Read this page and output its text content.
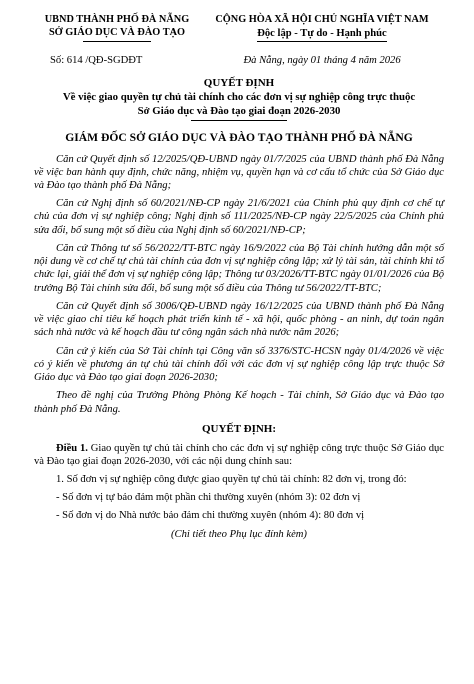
UBND THÀNH PHỐ ĐÀ NẴNG
SỞ GIÁO DỤC VÀ ĐÀO TẠO
CỘNG HÒA XÃ HỘI CHỦ NGHĨA VIỆT NAM
Độc lập - Tự do - Hạnh phúc
Số: 614 /QĐ-SGDĐT	Đà Nẵng, ngày 01 tháng 4 năm 2026
QUYẾT ĐỊNH
Về việc giao quyền tự chủ tài chính cho các đơn vị sự nghiệp công trực thuộc
Sở Giáo dục và Đào tạo giai đoạn 2026-2030
GIÁM ĐỐC SỞ GIÁO DỤC VÀ ĐÀO TẠO THÀNH PHỐ ĐÀ NẴNG

Căn cứ Quyết định số 12/2025/QĐ-UBND ngày 01/7/2025 của UBND thành phố Đà Nẵng về việc ban hành quy định, chức năng, nhiệm vụ, quyền hạn và cơ cấu tổ chức của Sở Giáo dục và Đào tạo thành phố Đà Nẵng;

Căn cứ Nghị định số 60/2021/NĐ-CP ngày 21/6/2021 của Chính phủ quy định cơ chế tự chủ của đơn vị sự nghiệp công; Nghị định số 111/2025/NĐ-CP ngày 22/5/2025 của Chính phủ sửa đổi, bổ sung một số điều của Nghị định số 60/2021/NĐ-CP;

Căn cứ Thông tư số 56/2022/TT-BTC ngày 16/9/2022 của Bộ Tài chính hướng dẫn một số nội dung về cơ chế tự chủ tài chính của đơn vị sự nghiệp công lập; xử lý tài sản, tài chính khi tổ chức lại, giải thể đơn vị sự nghiệp công lập; Thông tư 03/2026/TT-BTC ngày 01/01/2026 của Bộ trưởng Bộ Tài chính sửa đổi, bổ sung một số điều của Thông tư 56/2022/TT-BTC;

Căn cứ Quyết định số 3006/QĐ-UBND ngày 16/12/2025 của UBND thành phố Đà Nẵng về việc giao chỉ tiêu kế hoạch phát triển kinh tế - xã hội, quốc phòng - an ninh, dự toán ngân sách nhà nước và kế hoạch đầu tư công ngân sách nhà nước năm 2026;

Căn cứ ý kiến của Sở Tài chính tại Công văn số 3376/STC-HCSN ngày 01/4/2026 về việc có ý kiến về phương án tự chủ tài chính đối với các đơn vị sự nghiệp công lập trực thuộc Sở Giáo dục và Đào tạo giai đoạn 2026-2030;

Theo đề nghị của Trưởng Phòng Phòng Kế hoạch - Tài chính, Sở Giáo dục và Đào tạo thành phố Đà Nẵng.

QUYẾT ĐỊNH:

Điều 1. Giao quyền tự chủ tài chính cho các đơn vị sự nghiệp công trực thuộc Sở Giáo dục và Đào tạo giai đoạn 2026-2030, với các nội dung chính sau:

1. Số đơn vị sự nghiệp công được giao quyền tự chủ tài chính: 82 đơn vị, trong đó:

- Số đơn vị tự bảo đảm một phần chi thường xuyên (nhóm 3): 02 đơn vị

- Số đơn vị do Nhà nước bảo đảm chi thường xuyên (nhóm 4): 80 đơn vị

(Chi tiết theo Phụ lục đính kèm)
